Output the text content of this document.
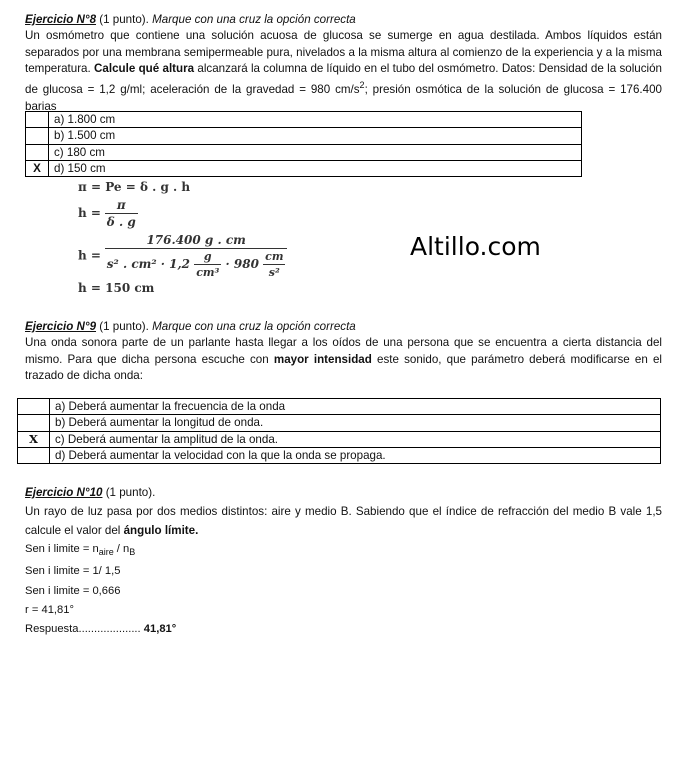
Ejercicio N°8 (1 punto). Marque con una cruz la opción correcta
Un osmómetro que contiene una solución acuosa de glucosa se sumerge en agua destilada. Ambos líquidos están separados por una membrana semipermeable pura, nivelados a la misma altura al comienzo de la experiencia y a la misma temperatura. Calcule qué altura alcanzará la columna de líquido en el tubo del osmómetro. Datos: Densidad de la solución de glucosa = 1,2 g/ml; aceleración de la gravedad = 980 $cm/s^2$; presión osmótica de la solución de glucosa = 176.400 barias
	a) 1.800 cm
	b) 1.500 cm
	c) 180 cm
X	d) 150 cm
π = Pe = δ . g . h
$h = \frac{\pi}{\delta . g}$
$h = \frac{176.400 g . cm}{s^2 . cm^2 \cdot 1,2 \frac{g}{\text{cm³}} \cdot 980 \frac{cm}{\text{s²}}}$
h = 150 cm
Altillo.com
Ejercicio N°9 (1 punto). Marque con una cruz la opción correcta
Una onda sonora parte de un parlante hasta llegar a los oídos de una persona que se encuentra a cierta distancia del mismo. Para que dicha persona escuche con mayor intensidad este sonido, que parámetro deberá modificarse en el trazado de dicha onda:
	a) Deberá aumentar la frecuencia de la onda
	b) Deberá aumentar la longitud de onda.
X	c) Deberá aumentar la amplitud de la onda.
	d) Deberá aumentar la velocidad con la que la onda se propaga.
Ejercicio N°10 (1 punto).
Un rayo de luz pasa por dos medios distintos: aire y medio B. Sabiendo que el índice de refracción del medio B vale 1,5 calcule el valor del ángulo límite.
Sen i limite = $n_{aire} / n_B$
Sen i limite = 1/ 1,5
Sen i limite = 0,666
r = 41,81°
Respuesta.................... 41,81°
